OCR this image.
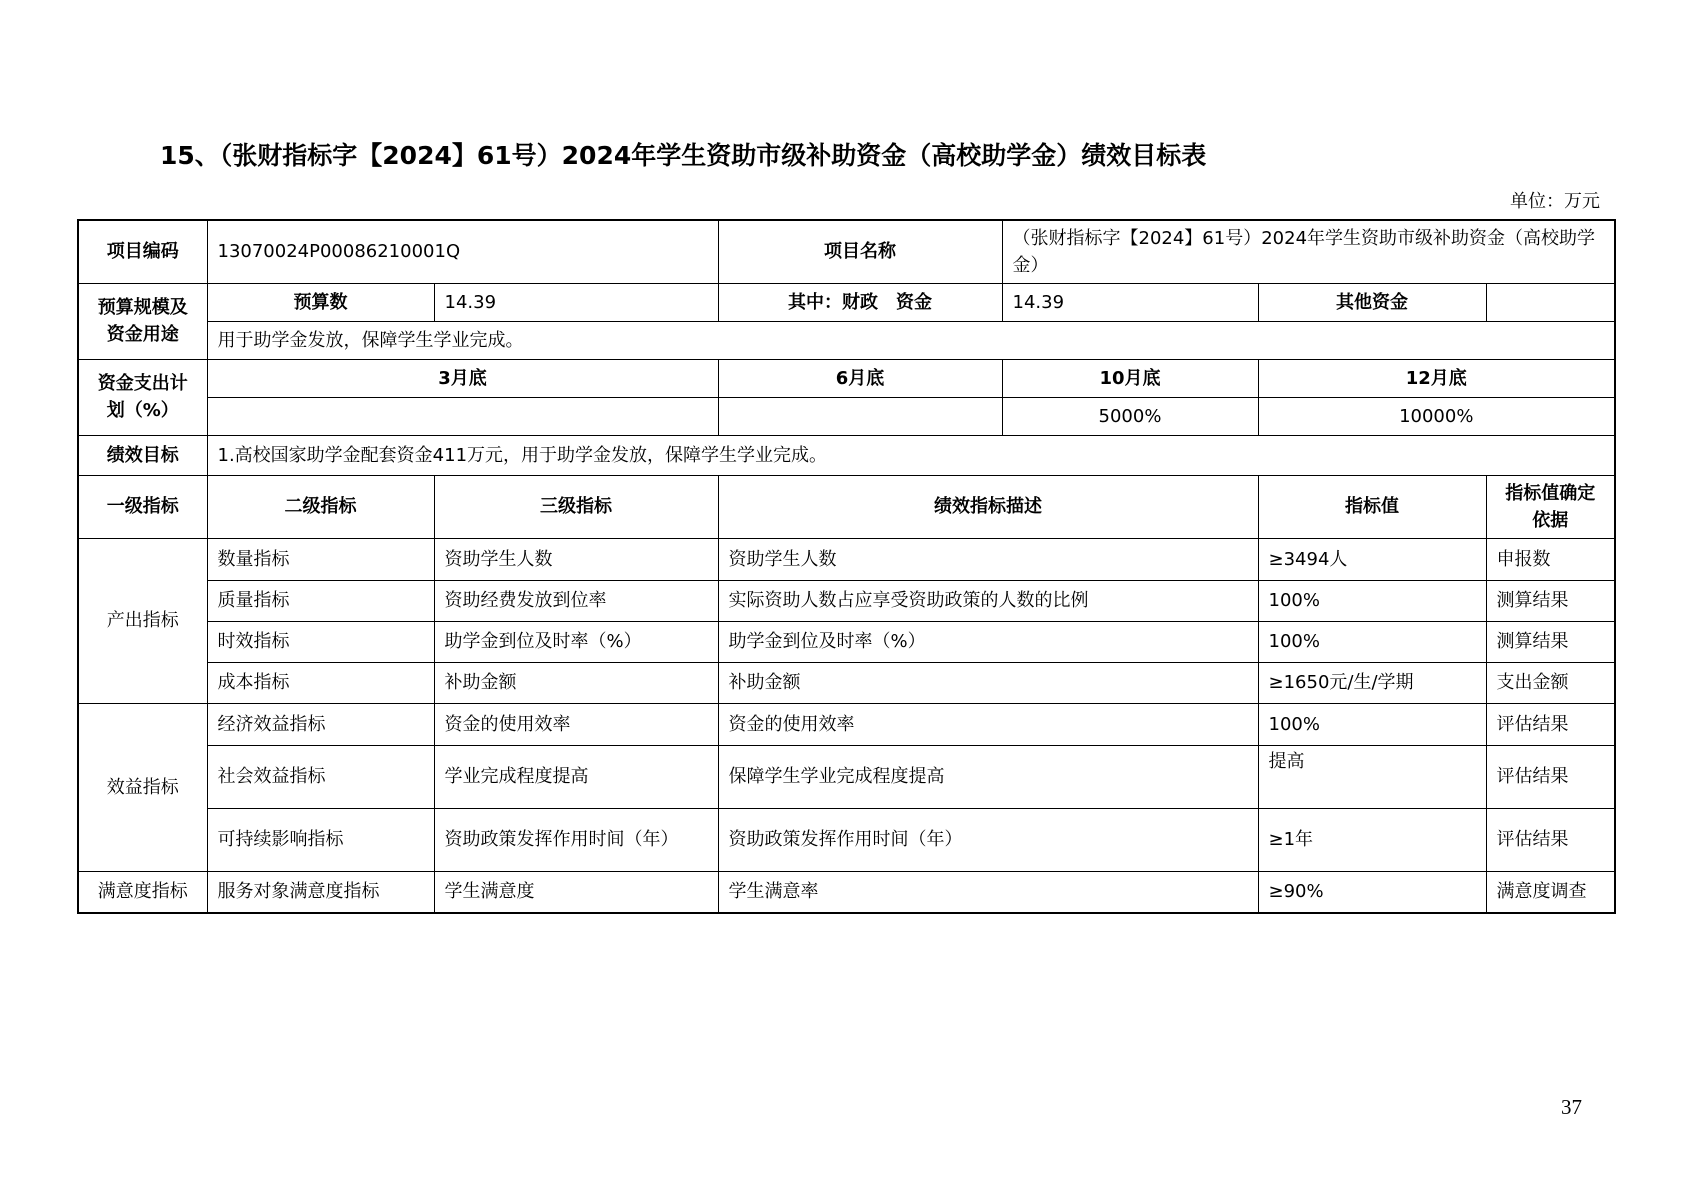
15、（张财指标字【2024】61号）2024年学生资助市级补助资金（高校助学金）绩效目标表
单位：万元
项目编码	13070024P00086210001Q		项目名称	（张财指标字【2024】61号）2024年学生资助市级补助资金（高校助学金）		
预算规模及资金用途	预算数	14.39	其中：财政　资金	14.39	其他资金	
	用于助学金发放，保障学生学业完成。					
资金支出计划（%）	3月底		6月底	10月底	12月底	
				5000%	10000%	
绩效目标	1.高校国家助学金配套资金411万元，用于助学金发放，保障学生学业完成。					
一级指标	二级指标	三级指标	绩效指标描述		指标值	指标值确定依据
产出指标	数量指标	资助学生人数	资助学生人数		≥3494人	申报数
	质量指标	资助经费发放到位率	实际资助人数占应享受资助政策的人数的比例		100%	测算结果
	时效指标	助学金到位及时率（%）	助学金到位及时率（%）		100%	测算结果
	成本指标	补助金额	补助金额		≥1650元/生/学期	支出金额
效益指标	经济效益指标	资金的使用效率	资金的使用效率		100%	评估结果
	社会效益指标	学业完成程度提高	保障学生学业完成程度提高		提高	评估结果
	可持续影响指标	资助政策发挥作用时间（年）	资助政策发挥作用时间（年）		≥1年	评估结果
满意度指标	服务对象满意度指标	学生满意度	学生满意率		≥90%	满意度调查
37
